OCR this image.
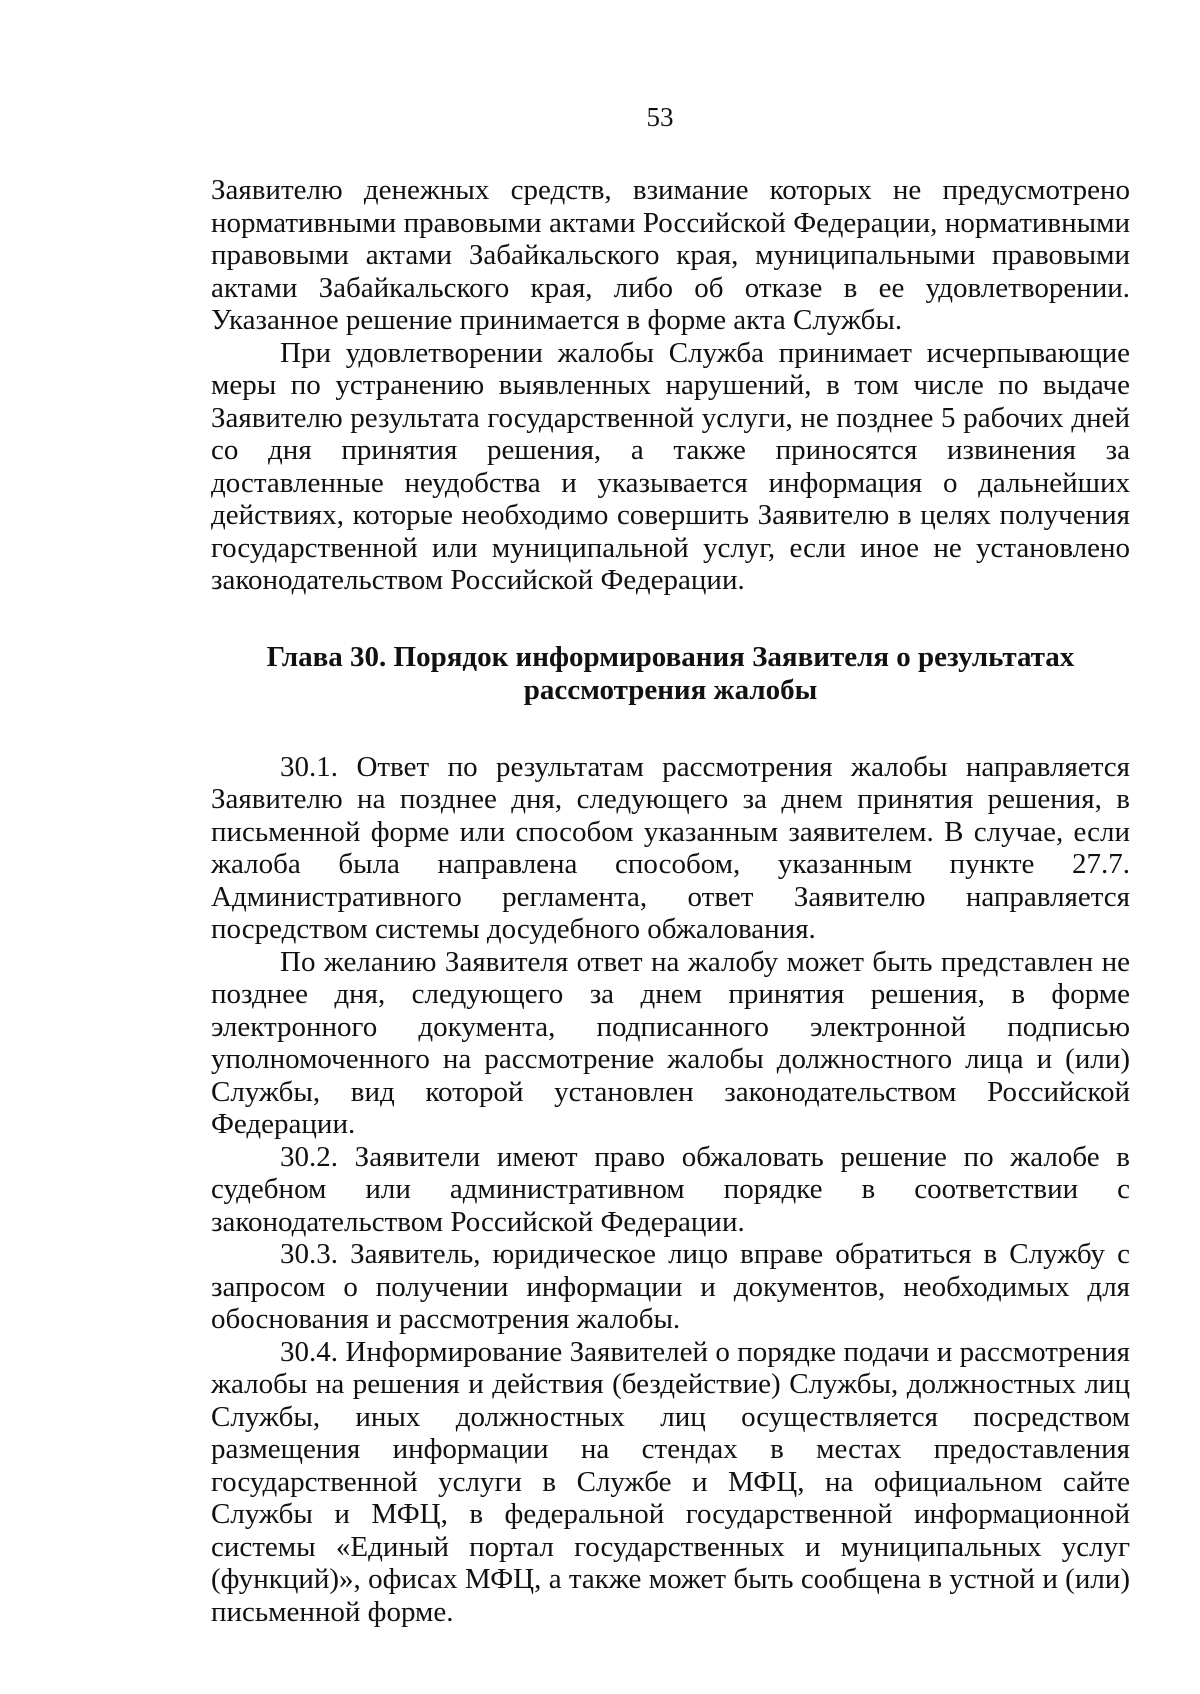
53

Заявителю денежных средств, взимание которых не предусмотрено нормативными правовыми актами Российской Федерации, нормативными правовыми актами Забайкальского края, муниципальными правовыми актами Забайкальского края, либо об отказе в ее удовлетворении. Указанное решение принимается в форме акта Службы.

При удовлетворении жалобы Служба принимает исчерпывающие меры по устранению выявленных нарушений, в том числе по выдаче Заявителю результата государственной услуги, не позднее 5 рабочих дней со дня принятия решения, а также приносятся извинения за доставленные неудобства и указывается информация о дальнейших действиях, которые необходимо совершить Заявителю в целях получения государственной или муниципальной услуг, если иное не установлено законодательством Российской Федерации.

Глава 30. Порядок информирования Заявителя о результатах
рассмотрения жалобы

30.1. Ответ по результатам рассмотрения жалобы направляется Заявителю на позднее дня, следующего за днем принятия решения, в письменной форме или способом указанным заявителем. В случае, если жалоба была направлена способом, указанным пункте 27.7. Административного регламента, ответ Заявителю направляется посредством системы досудебного обжалования.

По желанию Заявителя ответ на жалобу может быть представлен не позднее дня, следующего за днем принятия решения, в форме электронного документа, подписанного электронной подписью уполномоченного на рассмотрение жалобы должностного лица и (или) Службы, вид которой установлен законодательством Российской Федерации.

30.2. Заявители имеют право обжаловать решение по жалобе в судебном или административном порядке в соответствии с законодательством Российской Федерации.

30.3. Заявитель, юридическое лицо вправе обратиться в Службу с запросом о получении информации и документов, необходимых для обоснования и рассмотрения жалобы.

30.4. Информирование Заявителей о порядке подачи и рассмотрения жалобы на решения и действия (бездействие) Службы, должностных лиц Службы, иных должностных лиц осуществляется посредством размещения информации на стендах в местах предоставления государственной услуги в Службе и МФЦ, на официальном сайте Службы и МФЦ, в федеральной государственной информационной системы «Единый портал государственных и муниципальных услуг (функций)», офисах МФЦ, а также может быть сообщена в устной и (или) письменной форме.
